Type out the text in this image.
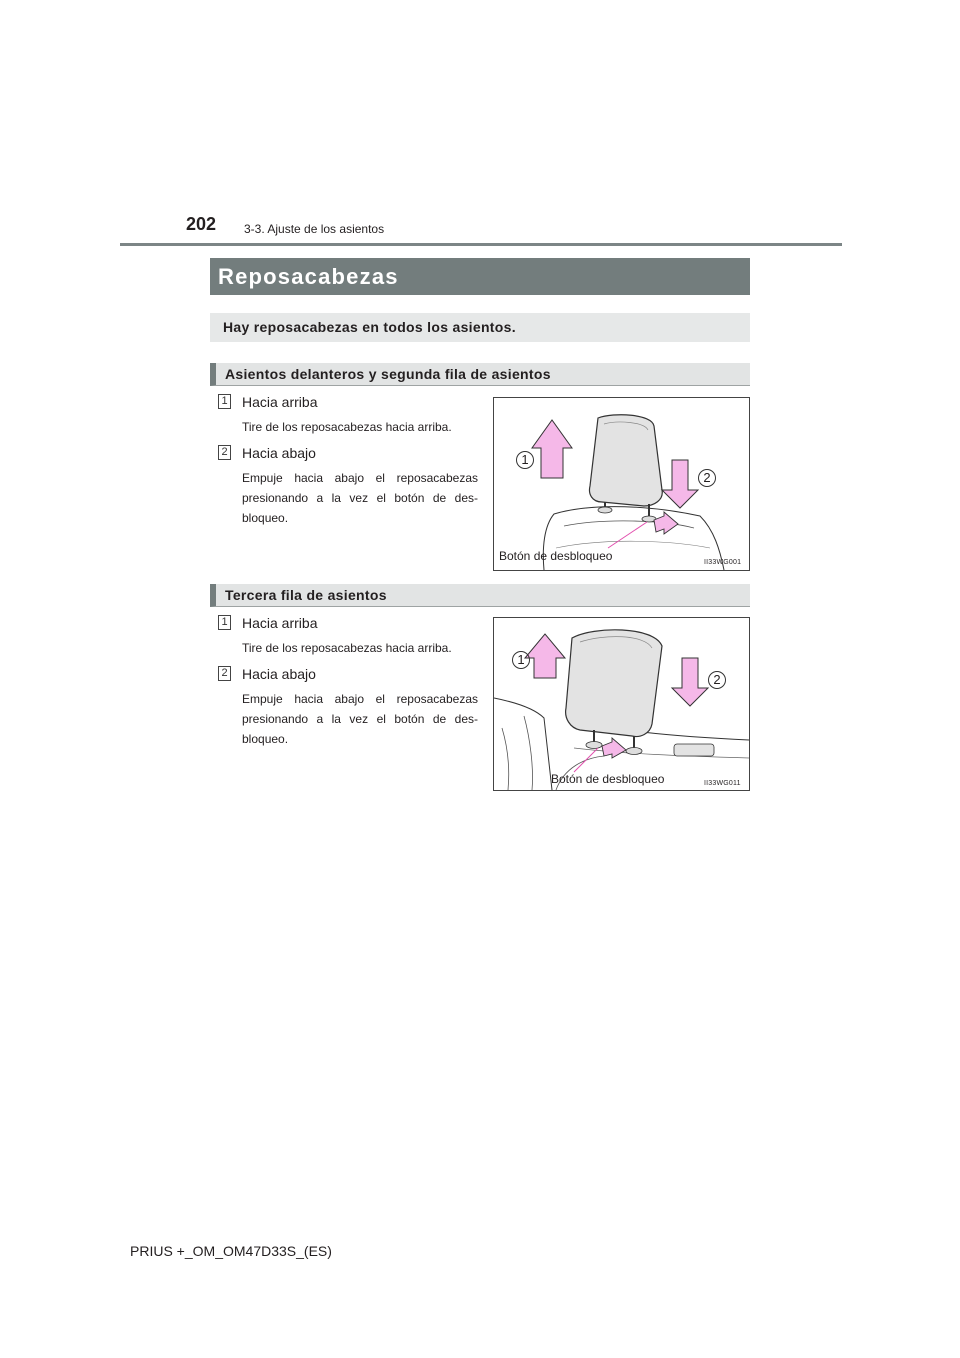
202 3-3. Ajuste de los asientos
Reposacabezas
Hay reposacabezas en todos los asientos.
Asientos delanteros y segunda fila de asientos
1 Hacia arriba
Tire de los reposacabezas hacia arriba.
2 Hacia abajo
Empuje hacia abajo el reposacabezas presionando a la vez el botón de des-bloqueo.
1
2
Botón de desbloqueo	II33WG001
Tercera fila de asientos
1 Hacia arriba
Tire de los reposacabezas hacia arriba.
2 Hacia abajo
Empuje hacia abajo el reposacabezas presionando a la vez el botón de des-bloqueo.
1
2
Botón de desbloqueo	II33WG011
PRIUS +_OM_OM47D33S_(ES)
